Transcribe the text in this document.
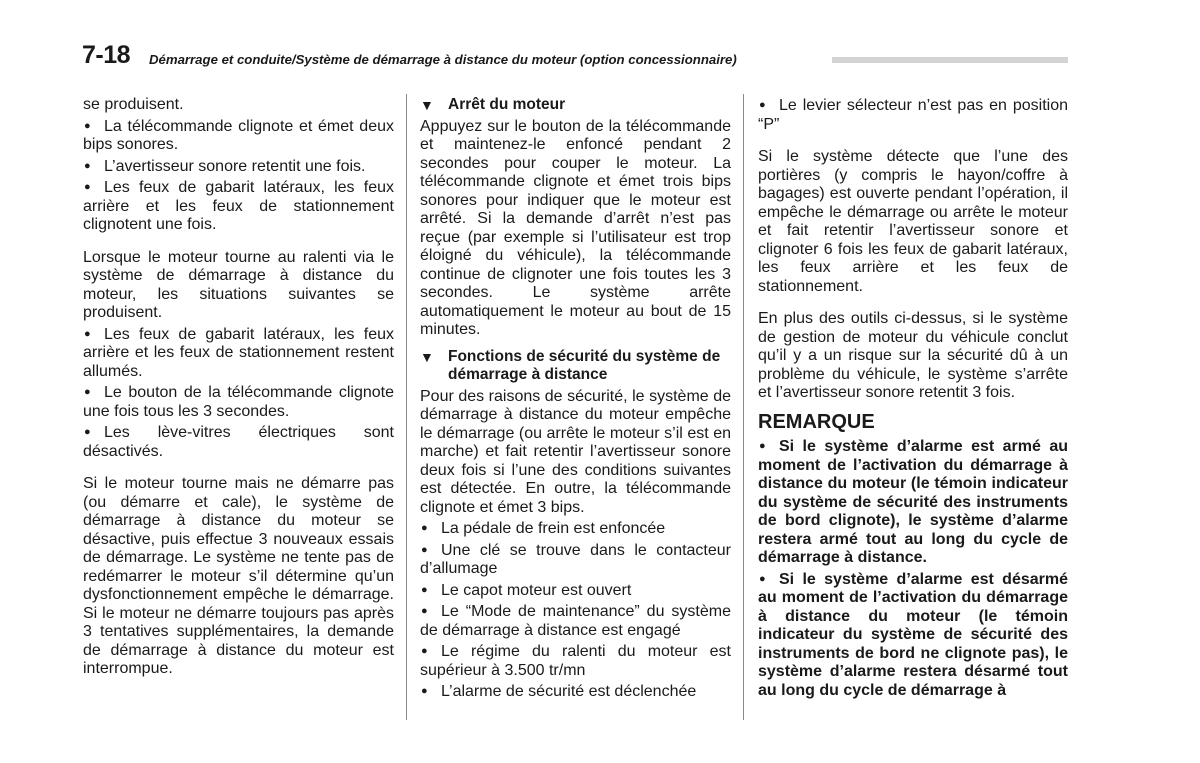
7-18 Démarrage et conduite/Système de démarrage à distance du moteur (option concessionnaire)

se produisent.

● La télécommande clignote et émet deux bips sonores.

● L’avertisseur sonore retentit une fois.

● Les feux de gabarit latéraux, les feux arrière et les feux de stationnement clignotent une fois.

Lorsque le moteur tourne au ralenti via le système de démarrage à distance du moteur, les situations suivantes se produisent.

● Les feux de gabarit latéraux, les feux arrière et les feux de stationnement restent allumés.

● Le bouton de la télécommande clignote une fois tous les 3 secondes.

● Les lève-vitres électriques sont désactivés.

Si le moteur tourne mais ne démarre pas (ou démarre et cale), le système de démarrage à distance du moteur se désactive, puis effectue 3 nouveaux essais de démarrage. Le système ne tente pas de redémarrer le moteur s’il détermine qu’un dysfonctionnement empêche le démarrage. Si le moteur ne démarre toujours pas après 3 tentatives supplémentaires, la demande de démarrage à distance du moteur est interrompue.

▼ Arrêt du moteur

Appuyez sur le bouton de la télécommande et maintenez-le enfoncé pendant 2 secondes pour couper le moteur. La télécommande clignote et émet trois bips sonores pour indiquer que le moteur est arrêté. Si la demande d’arrêt n’est pas reçue (par exemple si l’utilisateur est trop éloigné du véhicule), la télécommande continue de clignoter une fois toutes les 3 secondes. Le système arrête automatiquement le moteur au bout de 15 minutes.

▼ Fonctions de sécurité du système de démarrage à distance

Pour des raisons de sécurité, le système de démarrage à distance du moteur empêche le démarrage (ou arrête le moteur s’il est en marche) et fait retentir l’avertisseur sonore deux fois si l’une des conditions suivantes est détectée. En outre, la télécommande clignote et émet 3 bips.

● La pédale de frein est enfoncée

● Une clé se trouve dans le contacteur d’allumage

● Le capot moteur est ouvert

● Le “Mode de maintenance” du système de démarrage à distance est engagé

● Le régime du ralenti du moteur est supérieur à 3.500 tr/mn

● L’alarme de sécurité est déclenchée

● Le levier sélecteur n’est pas en position “P”

Si le système détecte que l’une des portières (y compris le hayon/coffre à bagages) est ouverte pendant l’opération, il empêche le démarrage ou arrête le moteur et fait retentir l’avertisseur sonore et clignoter 6 fois les feux de gabarit latéraux, les feux arrière et les feux de stationnement.

En plus des outils ci-dessus, si le système de gestion de moteur du véhicule conclut qu’il y a un risque sur la sécurité dû à un problème du véhicule, le système s’arrête et l’avertisseur sonore retentit 3 fois.

REMARQUE

● Si le système d’alarme est armé au moment de l’activation du démarrage à distance du moteur (le témoin indicateur du système de sécurité des instruments de bord clignote), le système d’alarme restera armé tout au long du cycle de démarrage à distance.

● Si le système d’alarme est désarmé au moment de l’activation du démarrage à distance du moteur (le témoin indicateur du système de sécurité des instruments de bord ne clignote pas), le système d’alarme restera désarmé tout au long du cycle de démarrage à
